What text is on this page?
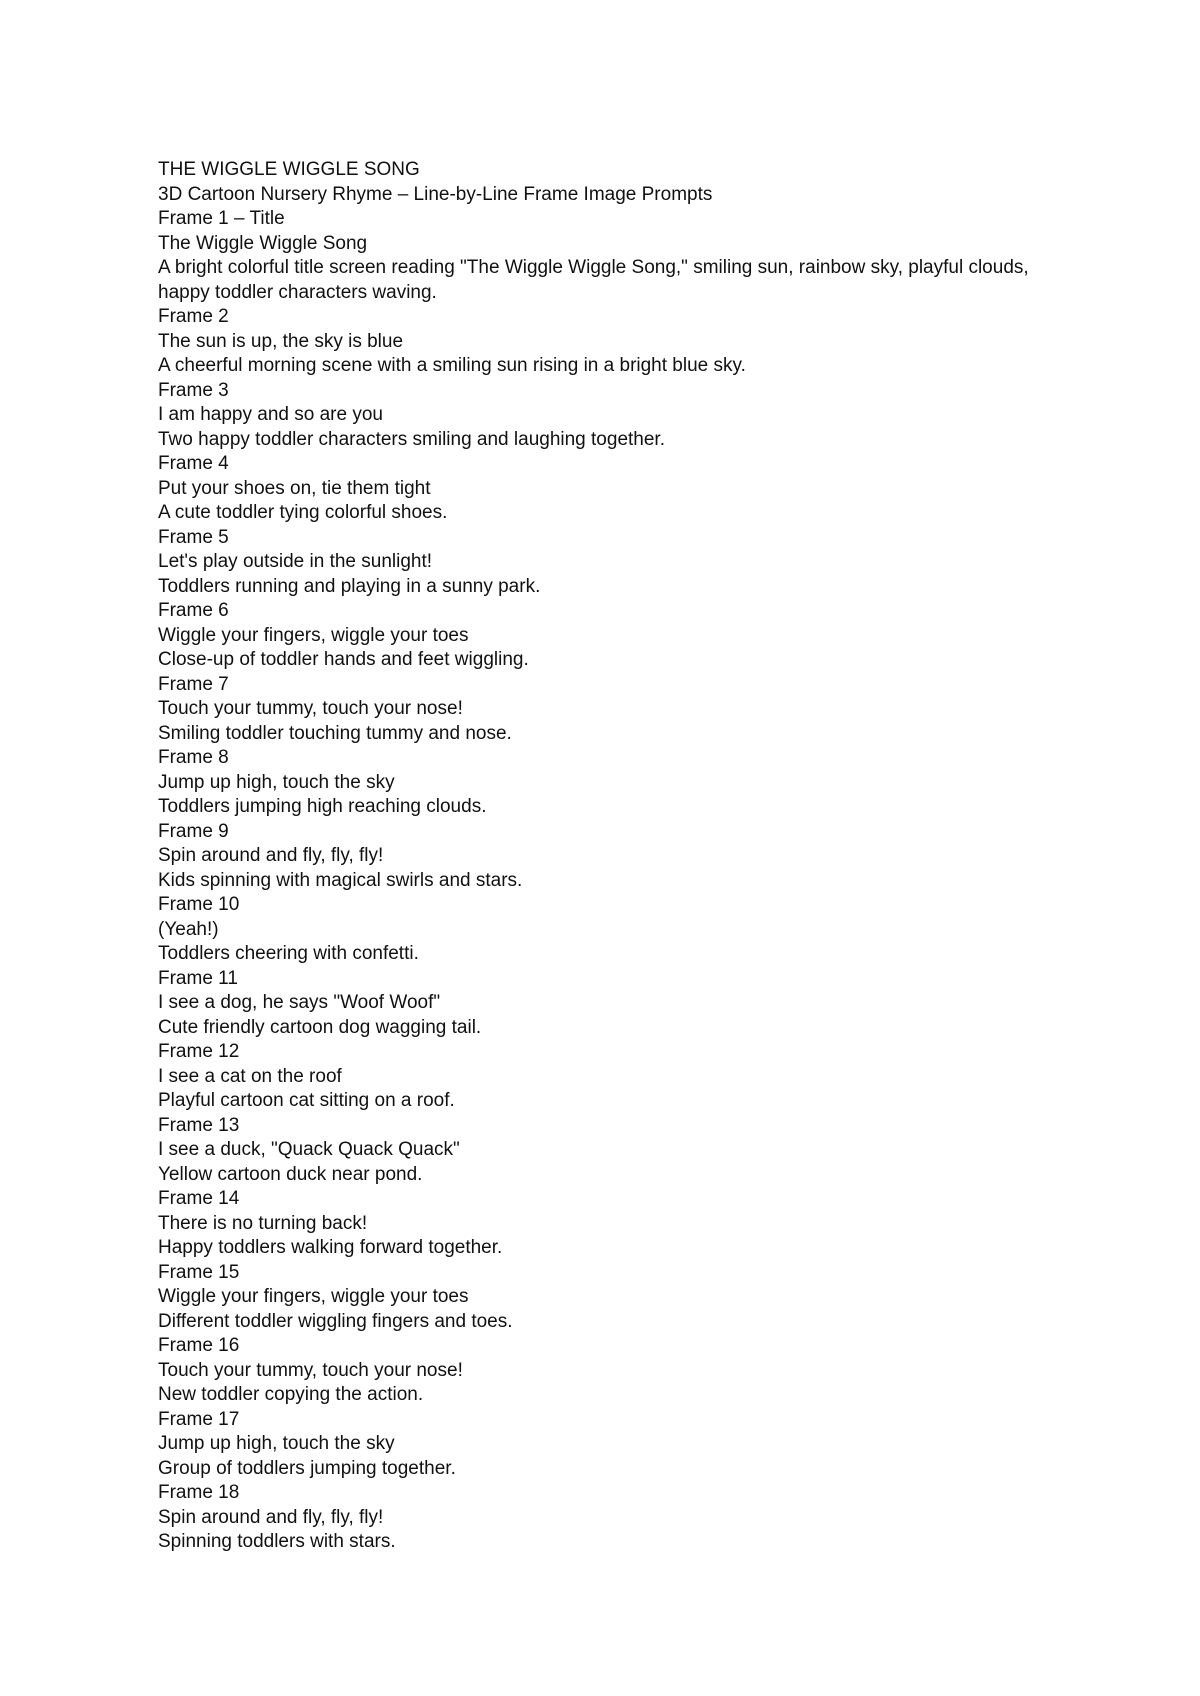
THE WIGGLE WIGGLE SONG
3D Cartoon Nursery Rhyme – Line-by-Line Frame Image Prompts
Frame 1 – Title
The Wiggle Wiggle Song
A bright colorful title screen reading "The Wiggle Wiggle Song," smiling sun, rainbow sky, playful clouds, happy toddler characters waving.
Frame 2
The sun is up, the sky is blue
A cheerful morning scene with a smiling sun rising in a bright blue sky.
Frame 3
I am happy and so are you
Two happy toddler characters smiling and laughing together.
Frame 4
Put your shoes on, tie them tight
A cute toddler tying colorful shoes.
Frame 5
Let's play outside in the sunlight!
Toddlers running and playing in a sunny park.
Frame 6
Wiggle your fingers, wiggle your toes
Close-up of toddler hands and feet wiggling.
Frame 7
Touch your tummy, touch your nose!
Smiling toddler touching tummy and nose.
Frame 8
Jump up high, touch the sky
Toddlers jumping high reaching clouds.
Frame 9
Spin around and fly, fly, fly!
Kids spinning with magical swirls and stars.
Frame 10
(Yeah!)
Toddlers cheering with confetti.
Frame 11
I see a dog, he says "Woof Woof"
Cute friendly cartoon dog wagging tail.
Frame 12
I see a cat on the roof
Playful cartoon cat sitting on a roof.
Frame 13
I see a duck, "Quack Quack Quack"
Yellow cartoon duck near pond.
Frame 14
There is no turning back!
Happy toddlers walking forward together.
Frame 15
Wiggle your fingers, wiggle your toes
Different toddler wiggling fingers and toes.
Frame 16
Touch your tummy, touch your nose!
New toddler copying the action.
Frame 17
Jump up high, touch the sky
Group of toddlers jumping together.
Frame 18
Spin around and fly, fly, fly!
Spinning toddlers with stars.
